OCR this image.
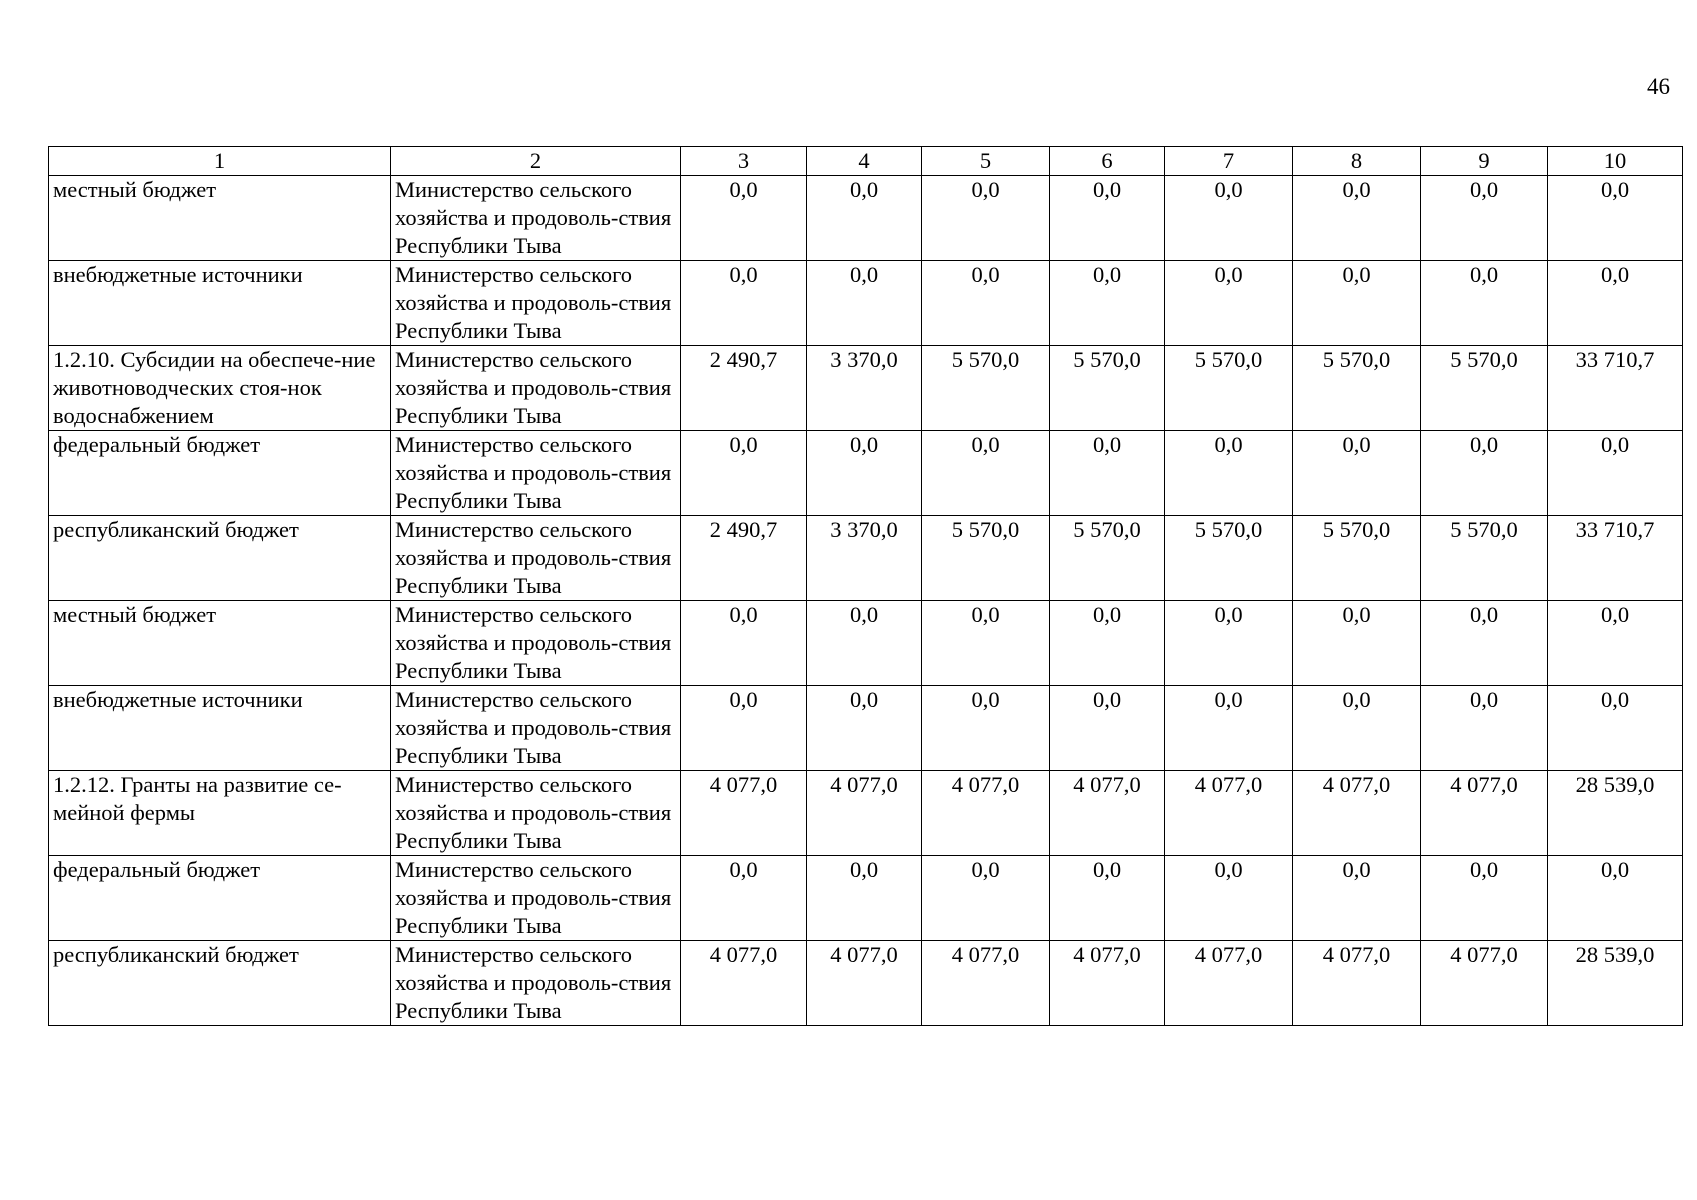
46
1	2	3	4	5	6	7	8	9	10
местный бюджет	Министерство сельского хозяйства и продоволь-ствия Республики Тыва	0,0	0,0	0,0	0,0	0,0	0,0	0,0	0,0
внебюджетные источники	Министерство сельского хозяйства и продоволь-ствия Республики Тыва	0,0	0,0	0,0	0,0	0,0	0,0	0,0	0,0
1.2.10. Субсидии на обеспече-ние животноводческих стоя-нок водоснабжением	Министерство сельского хозяйства и продоволь-ствия Республики Тыва	2 490,7	3 370,0	5 570,0	5 570,0	5 570,0	5 570,0	5 570,0	33 710,7
федеральный бюджет	Министерство сельского хозяйства и продоволь-ствия Республики Тыва	0,0	0,0	0,0	0,0	0,0	0,0	0,0	0,0
республиканский бюджет	Министерство сельского хозяйства и продоволь-ствия Республики Тыва	2 490,7	3 370,0	5 570,0	5 570,0	5 570,0	5 570,0	5 570,0	33 710,7
местный бюджет	Министерство сельского хозяйства и продоволь-ствия Республики Тыва	0,0	0,0	0,0	0,0	0,0	0,0	0,0	0,0
внебюджетные источники	Министерство сельского хозяйства и продоволь-ствия Республики Тыва	0,0	0,0	0,0	0,0	0,0	0,0	0,0	0,0
1.2.12. Гранты на развитие се-мейной фермы	Министерство сельского хозяйства и продоволь-ствия Республики Тыва	4 077,0	4 077,0	4 077,0	4 077,0	4 077,0	4 077,0	4 077,0	28 539,0
федеральный бюджет	Министерство сельского хозяйства и продоволь-ствия Республики Тыва	0,0	0,0	0,0	0,0	0,0	0,0	0,0	0,0
республиканский бюджет	Министерство сельского хозяйства и продоволь-ствия Республики Тыва	4 077,0	4 077,0	4 077,0	4 077,0	4 077,0	4 077,0	4 077,0	28 539,0
